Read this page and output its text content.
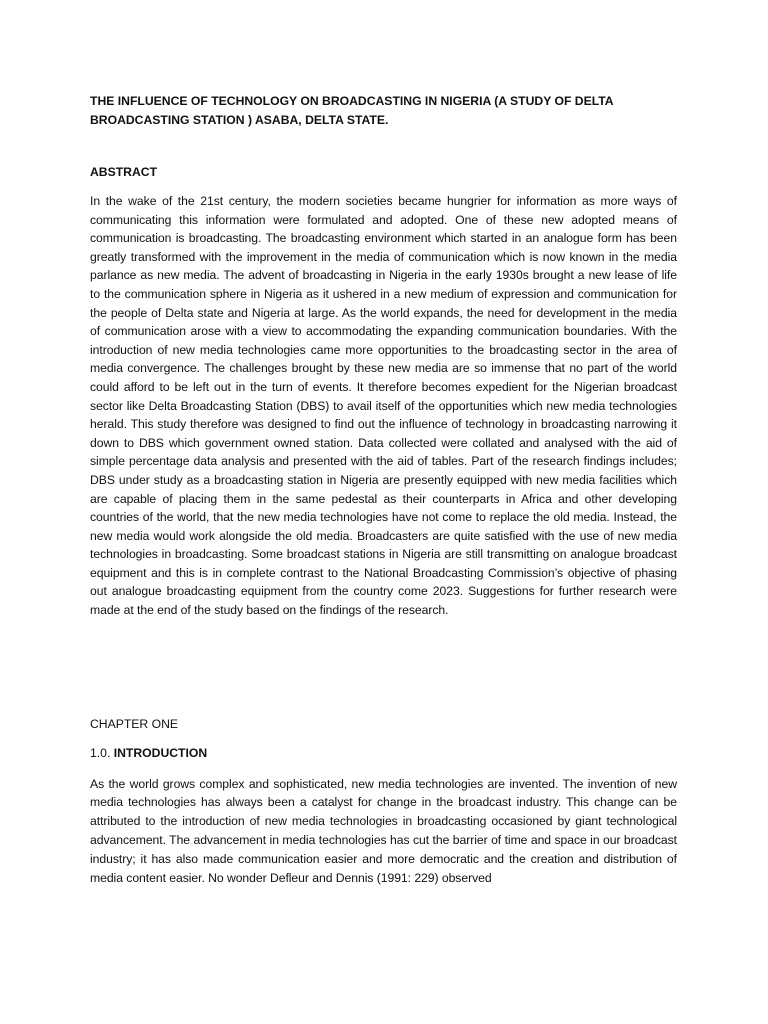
THE INFLUENCE OF TECHNOLOGY ON BROADCASTING IN NIGERIA (A STUDY OF DELTA BROADCASTING STATION ) ASABA, DELTA STATE.

ABSTRACT

In the wake of the 21st century, the modern societies became hungrier for information as more ways of communicating this information were formulated and adopted. One of these new adopted means of communication is broadcasting. The broadcasting environment which started in an analogue form has been greatly transformed with the improvement in the media of communication which is now known in the media parlance as new media. The advent of broadcasting in Nigeria in the early 1930s brought a new lease of life to the communication sphere in Nigeria as it ushered in a new medium of expression and communication for the people of Delta state and Nigeria at large. As the world expands, the need for development in the media of communication arose with a view to accommodating the expanding communication boundaries. With the introduction of new media technologies came more opportunities to the broadcasting sector in the area of media convergence. The challenges brought by these new media are so immense that no part of the world could afford to be left out in the turn of events. It therefore becomes expedient for the Nigerian broadcast sector like Delta Broadcasting Station (DBS) to avail itself of the opportunities which new media technologies herald. This study therefore was designed to find out the influence of technology in broadcasting narrowing it down to DBS which government owned station. Data collected were collated and analysed with the aid of simple percentage data analysis and presented with the aid of tables. Part of the research findings includes; DBS under study as a broadcasting station in Nigeria are presently equipped with new media facilities which are capable of placing them in the same pedestal as their counterparts in Africa and other developing countries of the world, that the new media technologies have not come to replace the old media. Instead, the new media would work alongside the old media. Broadcasters are quite satisfied with the use of new media technologies in broadcasting. Some broadcast stations in Nigeria are still transmitting on analogue broadcast equipment and this is in complete contrast to the National Broadcasting Commission’s objective of phasing out analogue broadcasting equipment from the country come 2023. Suggestions for further research were made at the end of the study based on the findings of the research.

CHAPTER ONE

1.0. INTRODUCTION

As the world grows complex and sophisticated, new media technologies are invented. The invention of new media technologies has always been a catalyst for change in the broadcast industry. This change can be attributed to the introduction of new media technologies in broadcasting occasioned by giant technological advancement. The advancement in media technologies has cut the barrier of time and space in our broadcast industry; it has also made communication easier and more democratic and the creation and distribution of media content easier. No wonder Defleur and Dennis (1991: 229) observed
